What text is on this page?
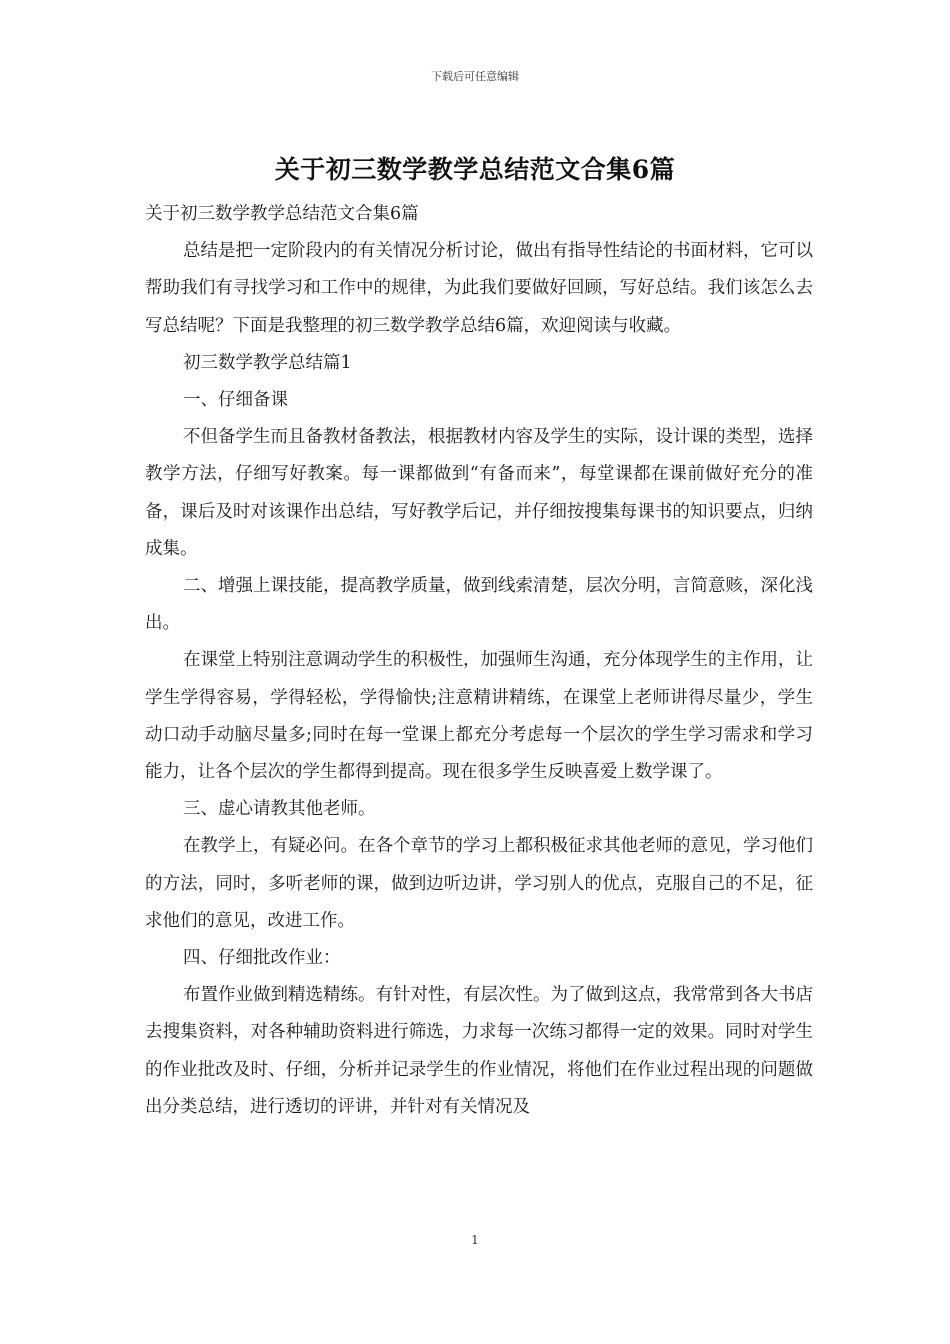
下载后可任意编辑
关于初三数学教学总结范文合集6篇

关于初三数学教学总结范文合集6篇

总结是把一定阶段内的有关情况分析讨论，做出有指导性结论的书面材料，它可以帮助我们有寻找学习和工作中的规律，为此我们要做好回顾，写好总结。我们该怎么去写总结呢？下面是我整理的初三数学教学总结6篇，欢迎阅读与收藏。

初三数学教学总结篇1

一、仔细备课

不但备学生而且备教材备教法，根据教材内容及学生的实际，设计课的类型，选择教学方法，仔细写好教案。每一课都做到“有备而来”，每堂课都在课前做好充分的准备，课后及时对该课作出总结，写好教学后记，并仔细按搜集每课书的知识要点，归纳成集。

二、增强上课技能，提高教学质量，做到线索清楚，层次分明，言简意赅，深化浅出。

在课堂上特别注意调动学生的积极性，加强师生沟通，充分体现学生的主作用，让学生学得容易，学得轻松，学得愉快;注意精讲精练，在课堂上老师讲得尽量少，学生动口动手动脑尽量多;同时在每一堂课上都充分考虑每一个层次的学生学习需求和学习能力，让各个层次的学生都得到提高。现在很多学生反映喜爱上数学课了。

三、虚心请教其他老师。

在教学上，有疑必问。在各个章节的学习上都积极征求其他老师的意见，学习他们的方法，同时，多听老师的课，做到边听边讲，学习别人的优点，克服自己的不足，征求他们的意见，改进工作。

四、仔细批改作业：

布置作业做到精选精练。有针对性，有层次性。为了做到这点，我常常到各大书店去搜集资料，对各种辅助资料进行筛选，力求每一次练习都得一定的效果。同时对学生的作业批改及时、仔细，分析并记录学生的作业情况，将他们在作业过程出现的问题做出分类总结，进行透切的评讲，并针对有关情况及

1
